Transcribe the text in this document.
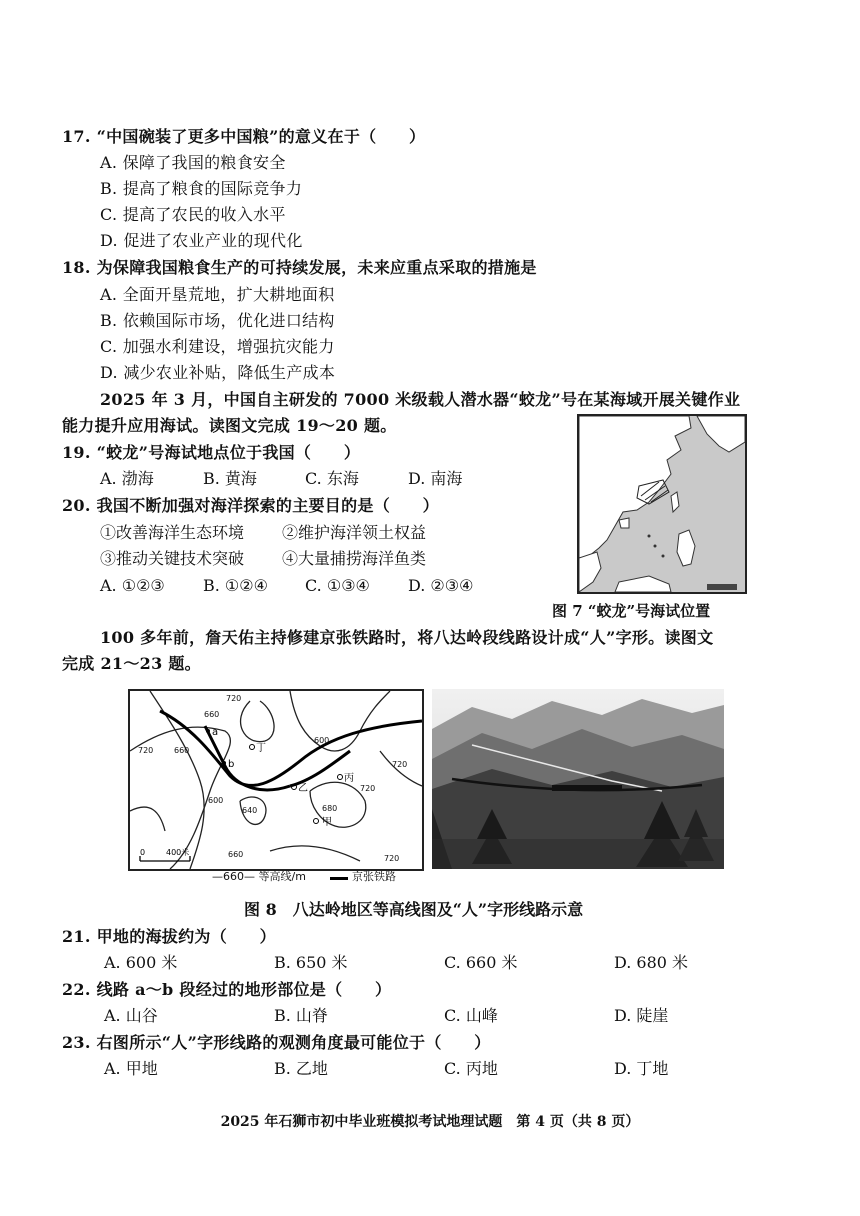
17. “中国碗装了更多中国粮”的意义在于（　　）
A. 保障了我国的粮食安全
B. 提高了粮食的国际竞争力
C. 提高了农民的收入水平
D. 促进了农业产业的现代化
18. 为保障我国粮食生产的可持续发展，未来应重点采取的措施是
A. 全面开垦荒地，扩大耕地面积
B. 依赖国际市场，优化进口结构
C. 加强水利建设，增强抗灾能力
D. 减少农业补贴，降低生产成本
2025 年 3 月，中国自主研发的 7000 米级载人潜水器“蛟龙”号在某海域开展关键作业
能力提升应用海试。读图文完成 19～20 题。
19. “蛟龙”号海试地点位于我国（　　）
A. 渤海	B. 黄海	C. 东海	D. 南海
20. 我国不断加强对海洋探索的主要目的是（　　）
①改善海洋生态环境 ②维护海洋领土权益
③推动关键技术突破 ④大量捕捞海洋鱼类
A. ①②③ B. ①②④ C. ①③④ D. ②③④
图 7 “蛟龙”号海试位置
100 多年前，詹天佑主持修建京张铁路时，将八达岭段线路设计成“人”字形。读图文
完成 21～23 题。
720
660
720	660
600
600
720
720
640	680
660	720
a
b
丁
丙
乙
甲
0	400米
—660— 等高线/m	京张铁路
图 8　八达岭地区等高线图及“人”字形线路示意
21. 甲地的海拔约为（　　）
A. 600 米	B. 650 米	C. 660 米	D. 680 米
22. 线路 a～b 段经过的地形部位是（　　）
A. 山谷	B. 山脊	C. 山峰	D. 陡崖
23. 右图所示“人”字形线路的观测角度最可能位于（　　）
A. 甲地	B. 乙地	C. 丙地	D. 丁地
2025 年石狮市初中毕业班模拟考试地理试题　第 4 页（共 8 页）
